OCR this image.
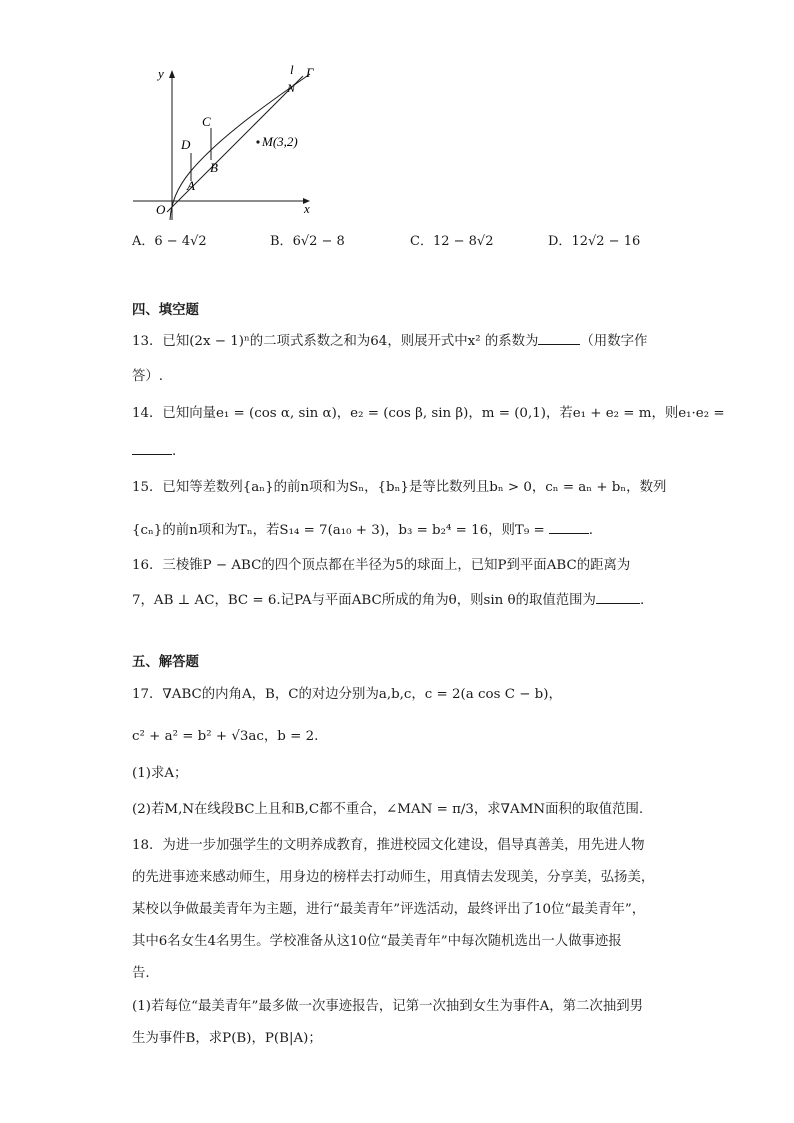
y
x
O
l Γ
N
C
D
B
A
M(3,2)
A．6 − 4√2	B．6√2 − 8	C．12 − 8√2	D．12√2 − 16
四、填空题
13．已知(2x − 1)ⁿ的二项式系数之和为64，则展开式中x² 的系数为	（用数字作
答）.
14．已知向量e₁ = (cos α, sin α)，e₂ = (cos β, sin β)，m = (0,1)，若e₁ + e₂ = m，则e₁·e₂ =
.
15．已知等差数列{aₙ}的前n项和为Sₙ，{bₙ}是等比数列且bₙ > 0，cₙ = aₙ + bₙ，数列
{cₙ}的前n项和为Tₙ，若S₁₄ = 7(a₁₀ + 3)，b₃ = b₂⁴ = 16，则T₉ =	.
16．三棱锥P − ABC的四个顶点都在半径为5的球面上，已知P到平面ABC的距离为
7，AB ⊥ AC，BC = 6.记PA与平面ABC所成的角为θ，则sin θ的取值范围为	.
五、解答题
17．∇ABC的内角A，B，C的对边分别为a,b,c，c = 2(a cos C − b)，
c² + a² = b² + √3ac，b = 2.
(1)求A；
(2)若M,N在线段BC上且和B,C都不重合，∠MAN = π/3，求∇AMN面积的取值范围.
18．为进一步加强学生的文明养成教育，推进校园文化建设，倡导真善美，用先进人物
的先进事迹来感动师生，用身边的榜样去打动师生，用真情去发现美，分享美，弘扬美，
某校以争做最美青年为主题，进行“最美青年”评选活动，最终评出了10位“最美青年”，
其中6名女生4名男生。学校准备从这10位“最美青年”中每次随机选出一人做事迹报
告.
(1)若每位“最美青年”最多做一次事迹报告，记第一次抽到女生为事件A，第二次抽到男
生为事件B，求P(B)，P(B|A)；
